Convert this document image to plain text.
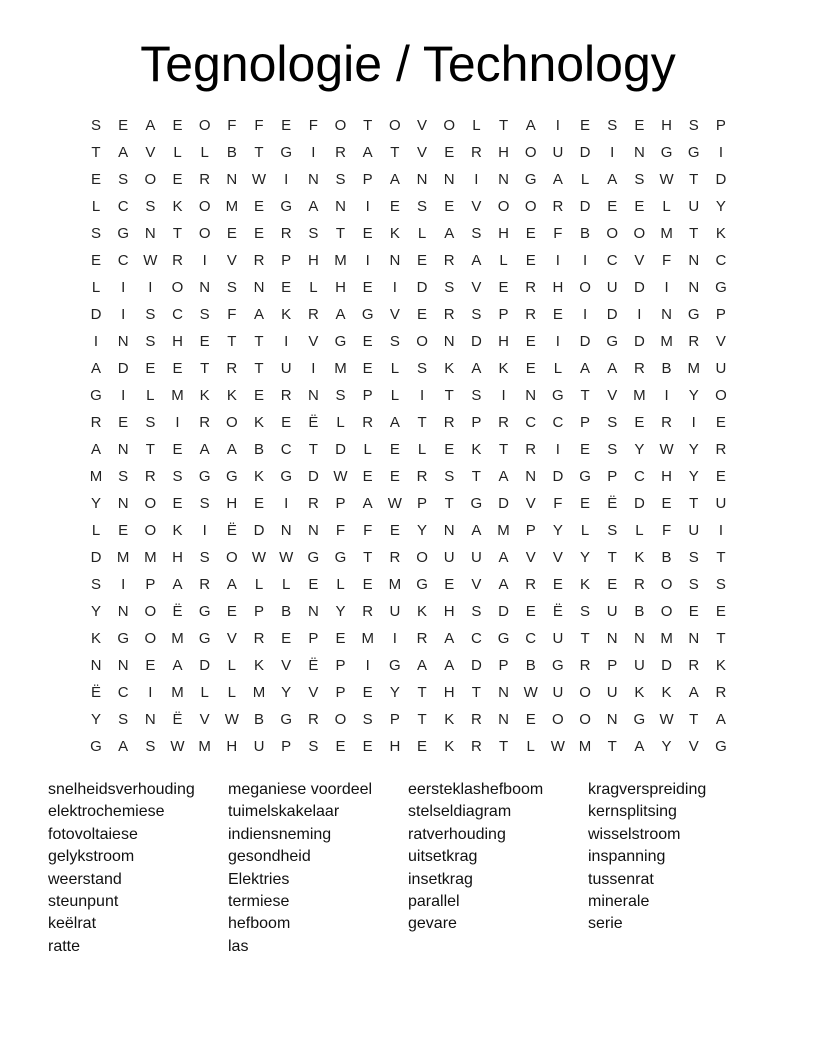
Tegnologie / Technology
S	E	A	E	O	F	F	E	F	O	T	O	V	O	L	T	A	I	E	S	E	H	S	P
T	A	V	L	L	B	T	G	I	R	A	T	V	E	R	H	O	U	D	I	N	G	G	I
E	S	O	E	R	N W	I	N	S	P	A	N	N	I	N	G	A	L	A	S	W	T	D
L	C	S	K	O	M	E	G	A	N	I	E	S	E	V	O	O	R	D	E	E	L	U	Y
S	G	N	T	O	E	E	R	S	T	E	K	L	A	S	H	E	F	B	O	O	M	T	K
E	C W R	I	V	R	P	H	M	I	N	E	R	A	L	E	I	I	C	V	F	N	C
L	I	I	O	N	S	N	E	L	H	E	I	D	S	V	E	R	H	O	U	D	I	N	G
D	I	S	C	S	F	A	K	R	A	G	V	E	R	S	P	R	E	I	D	I	N	G	P
I	N	S	H	E	T	T	I	V	G	E	S	O	N	D	H	E	I	D	G	D	M	R	V
A	D	E	E	T	R	T	U	I	M	E	L	S	K	A	K	E	L	A	A	R	B	M	U
G	I	L	M	K	K	E	R	N	S	P	L	I	T	S	I	N	G	T	V	M	I	Y	O
R	E	S	I	R	O	K	E	Ë	L	R	A	T	R	P	R	C	C	P	S	E	R	I	E
A	N	T	E	A	A	B	C	T	D	L	E	L	E	K	T	R	I	E	S	Y	W	Y	R
M	S	R	S	G	G	K	G	D W	E	E	R	S	T	A	N	D	G	P	C	H	Y	E
Y	N	O	E	S	H	E	I	R	P	A	W	P	T	G	D	V	F	E	Ë	D	E	T	U
L	E	O	K	I	Ë	D	N	N	F	F	E	Y	N	A	M	P	Y	L	S	L	F	U	I
D	M M	H	S	O W W G	G	T	R	O	U	U	A	V	V	Y	T	K	B	S	T
S	I	P	A	R	A	L	L	E	L	E	M	G	E	V	A	R	E	K	E	R	O	S	S
Y	N	O	Ë	G	E	P	B	N	Y	R	U	K	H	S	D	E	Ë	S	U	B	O	E	E
K	G	O	M	G	V	R	E	P	E	M	I	R	A	C	G	C	U	T	N	N	M	N	T
N	N	E	A	D	L	K	V	Ë	P	I	G	A	A	D	P	B	G	R	P	U	D	R	K
Ë	C	I	M	L	L	M	Y	V	P	E	Y	T	H	T	N W U	O	U	K	K	A	R
Y	S	N	Ë	V	W	B	G	R	O	S	P	T	K	R	N	E	O	O	N	G W	T	A
G	A	S	W M	H	U	P	S	E	E	H	E	K	R	T	L	W M	T	A	Y	V	G
snelheidsverhouding
elektrochemiese
fotovoltaiese
gelykstroom
weerstand
steunpunt
keëlrat
ratte
meganiese voordeel
tuimelskakelaar
indiensneming
gesondheid
Elektries
termiese
hefboom
las
eersteklashefboom
stelseldiagram
ratverhouding
uitsetkrag
insetkrag
parallel
gevare
kragverspreiding
kernsplitsing
wisselstroom
inspanning
tussenrat
minerale
serie
